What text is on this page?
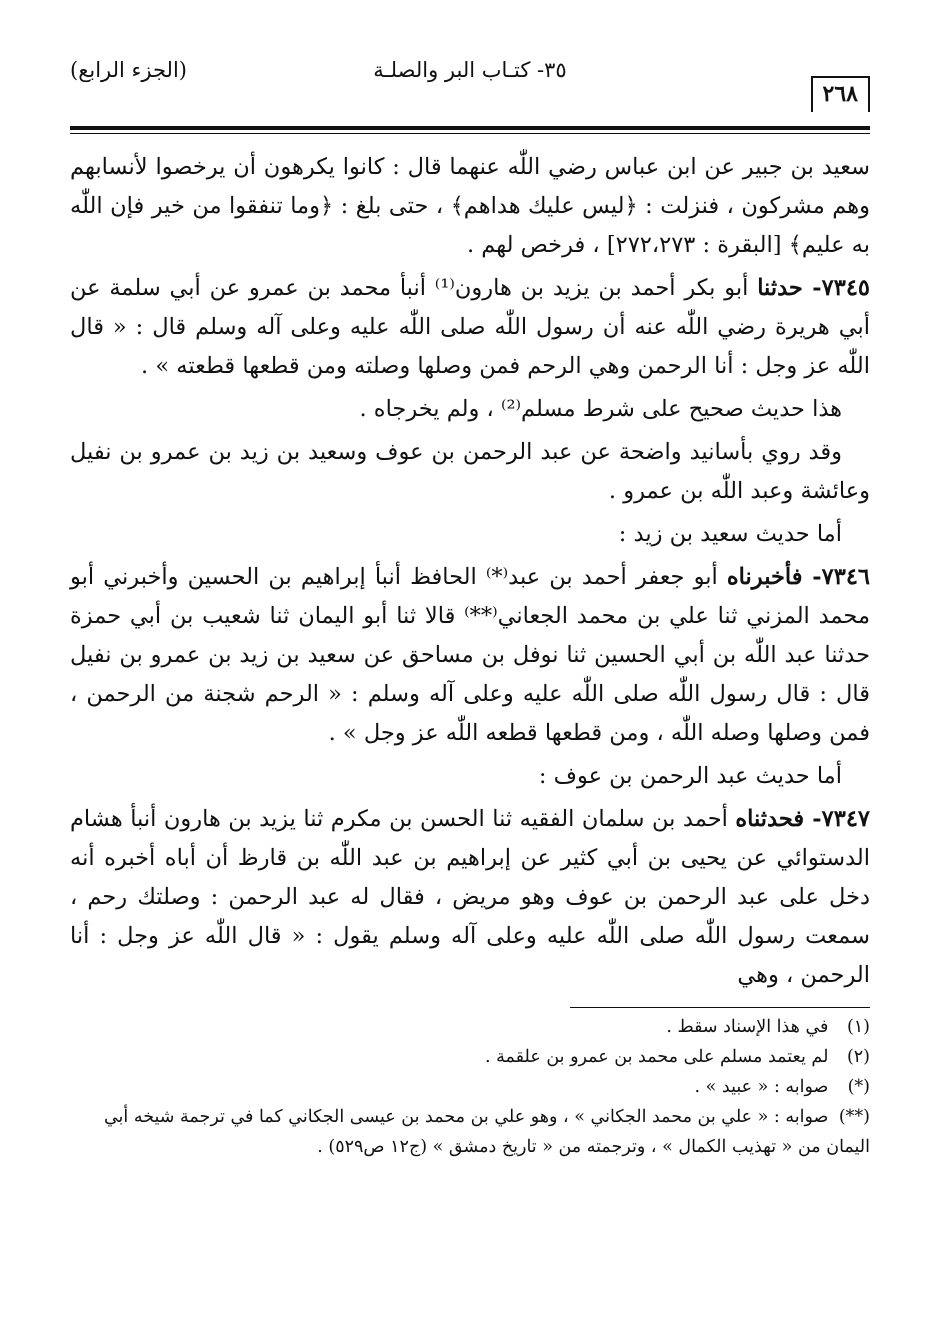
٣٥- كتـاب البر والصلـة
(الجزء الرابع)
٢٦٨

سعيد بن جبير عن ابن عباس رضي اللّٰه عنهما قال : كانوا يكرهون أن يرخصوا لأنسابهم وهم مشركون ، فنزلت : ﴿ليس عليك هداهم﴾ ، حتى بلغ : ﴿وما تنفقوا من خير فإن اللّٰه به عليم﴾ [البقرة : ٢٧٢،٢٧٣] ، فرخص لهم .

٧٣٤٥- حدثنا أبو بكر أحمد بن يزيد بن هارون⁽¹⁾ أنبأ محمد بن عمرو عن أبي سلمة عن أبي هريرة رضي اللّٰه عنه أن رسول اللّٰه صلى اللّٰه عليه وعلى آله وسلم قال : « قال اللّٰه عز وجل : أنا الرحمن وهي الرحم فمن وصلها وصلته ومن قطعها قطعته » .

هذا حديث صحيح على شرط مسلم⁽²⁾ ، ولم يخرجاه .

وقد روي بأسانيد واضحة عن عبد الرحمن بن عوف وسعيد بن زيد بن عمرو بن نفيل وعائشة وعبد اللّٰه بن عمرو .

أما حديث سعيد بن زيد :

٧٣٤٦- فأخبرناه أبو جعفر أحمد بن عبد⁽*⁾ الحافظ أنبأ إبراهيم بن الحسين وأخبرني أبو محمد المزني ثنا علي بن محمد الجعاني⁽**⁾ قالا ثنا أبو اليمان ثنا شعيب بن أبي حمزة حدثنا عبد اللّٰه بن أبي الحسين ثنا نوفل بن مساحق عن سعيد بن زيد بن عمرو بن نفيل قال : قال رسول اللّٰه صلى اللّٰه عليه وعلى آله وسلم : « الرحم شجنة من الرحمن ، فمن وصلها وصله اللّٰه ، ومن قطعها قطعه اللّٰه عز وجل » .

أما حديث عبد الرحمن بن عوف :

٧٣٤٧- فحدثناه أحمد بن سلمان الفقيه ثنا الحسن بن مكرم ثنا يزيد بن هارون أنبأ هشام الدستوائي عن يحيى بن أبي كثير عن إبراهيم بن عبد اللّٰه بن قارظ أن أباه أخبره أنه دخل على عبد الرحمن بن عوف وهو مريض ، فقال له عبد الرحمن : وصلتك رحم ، سمعت رسول اللّٰه صلى اللّٰه عليه وعلى آله وسلم يقول : « قال اللّٰه عز وجل : أنا الرحمن ، وهي

(١) في هذا الإسناد سقط .

(٢) لم يعتمد مسلم على محمد بن عمرو بن علقمة .

(*) صوابه : « عبيد » .

(**) صوابه : « علي بن محمد الجكاني » ، وهو علي بن محمد بن عيسى الجكاني كما في ترجمة شيخه أبي اليمان من « تهذيب الكمال » ، وترجمته من « تاريخ دمشق » (ج١٢ ص٥٢٩) .
